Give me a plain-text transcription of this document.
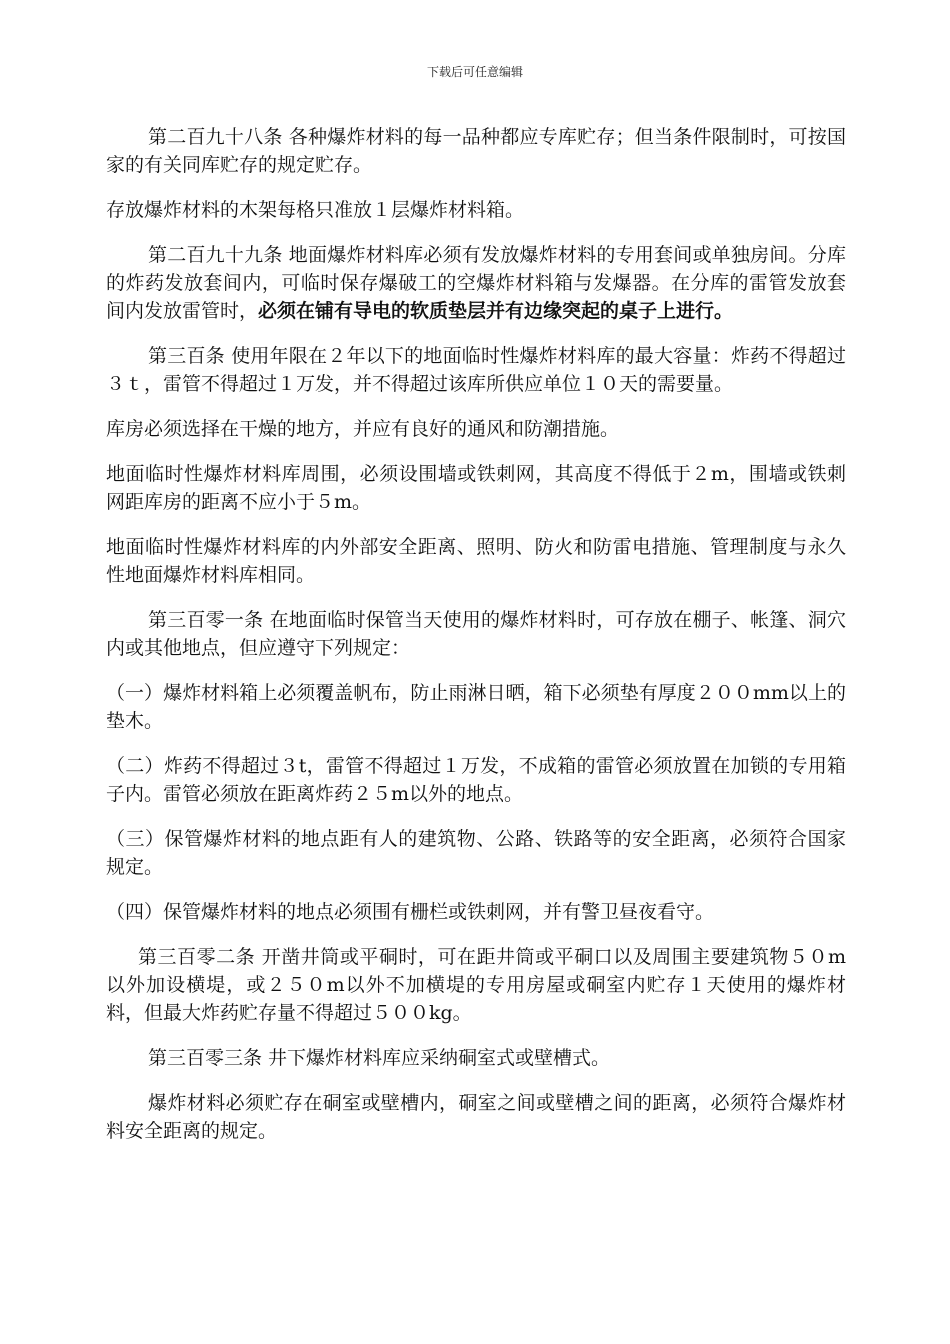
下载后可任意编辑

第二百九十八条 各种爆炸材料的每一品种都应专库贮存；但当条件限制时，可按国家的有关同库贮存的规定贮存。

存放爆炸材料的木架每格只准放１层爆炸材料箱。

第二百九十九条 地面爆炸材料库必须有发放爆炸材料的专用套间或单独房间。分库的炸药发放套间内，可临时保存爆破工的空爆炸材料箱与发爆器。在分库的雷管发放套间内发放雷管时，必须在铺有导电的软质垫层并有边缘突起的桌子上进行。

第三百条 使用年限在２年以下的地面临时性爆炸材料库的最大容量：炸药不得超过３ｔ，雷管不得超过１万发，并不得超过该库所供应单位１０天的需要量。

库房必须选择在干燥的地方，并应有良好的通风和防潮措施。

地面临时性爆炸材料库周围，必须设围墙或铁刺网，其高度不得低于２m，围墙或铁刺网距库房的距离不应小于５m。

地面临时性爆炸材料库的内外部安全距离、照明、防火和防雷电措施、管理制度与永久性地面爆炸材料库相同。

第三百零一条 在地面临时保管当天使用的爆炸材料时，可存放在棚子、帐篷、洞穴内或其他地点，但应遵守下列规定：

（一）爆炸材料箱上必须覆盖帆布，防止雨淋日晒，箱下必须垫有厚度２００mm以上的垫木。

（二）炸药不得超过３t，雷管不得超过１万发，不成箱的雷管必须放置在加锁的专用箱子内。雷管必须放在距离炸药２５m以外的地点。

（三）保管爆炸材料的地点距有人的建筑物、公路、铁路等的安全距离，必须符合国家规定。

（四）保管爆炸材料的地点必须围有栅栏或铁刺网，并有警卫昼夜看守。

第三百零二条 开凿井筒或平硐时，可在距井筒或平硐口以及周围主要建筑物５０m以外加设横堤，或２５０m以外不加横堤的专用房屋或硐室内贮存１天使用的爆炸材料，但最大炸药贮存量不得超过５００kg。

第三百零三条 井下爆炸材料库应采纳硐室式或壁槽式。

爆炸材料必须贮存在硐室或壁槽内，硐室之间或壁槽之间的距离，必须符合爆炸材料安全距离的规定。
